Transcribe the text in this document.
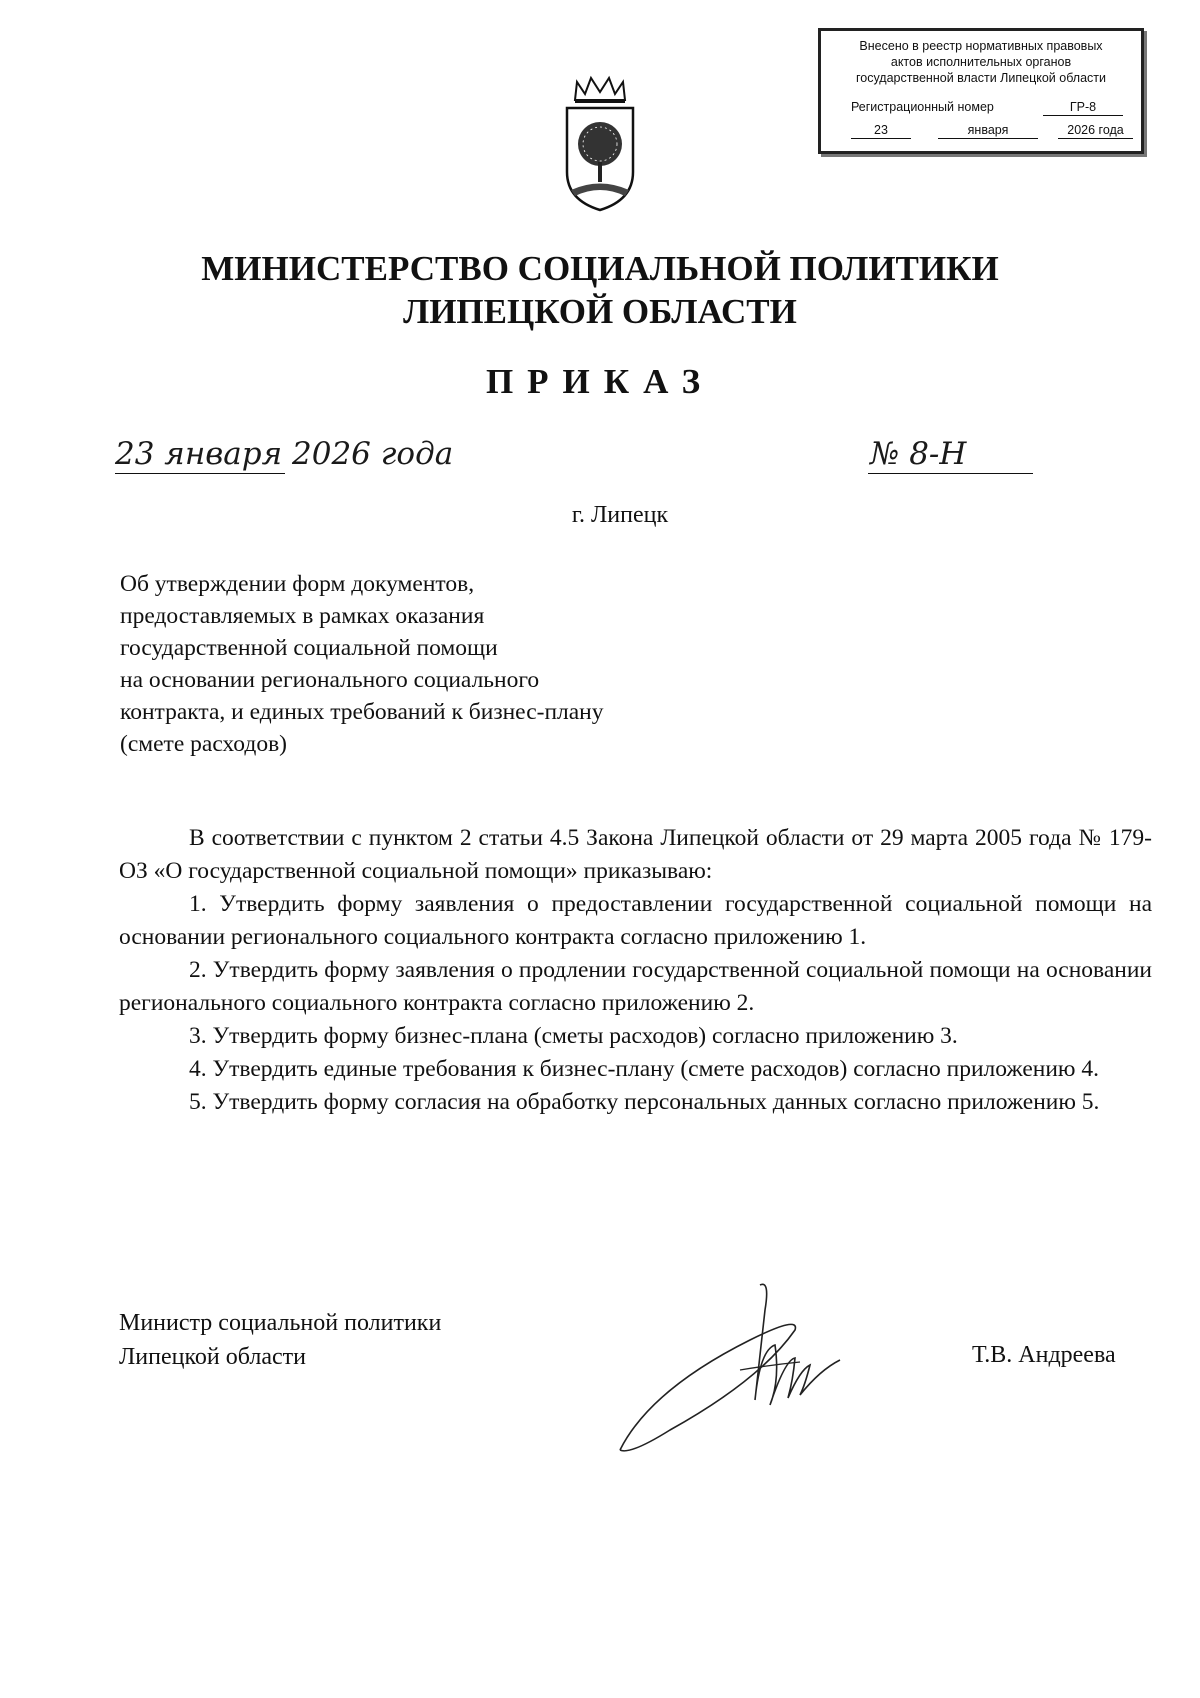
Внесено в реестр нормативных правовых
актов исполнительных органов
государственной власти Липецкой области
Регистрационный номер	ГР-8
23	января	2026 года
МИНИСТЕРСТВО СОЦИАЛЬНОЙ ПОЛИТИКИ
ЛИПЕЦКОЙ ОБЛАСТИ
ПРИКАЗ
23 января 2026 года	№ 8-Н
г. Липецк
Об утверждении форм документов,
предоставляемых в рамках оказания
государственной социальной помощи
на основании регионального социального
контракта, и единых требований к бизнес-плану
(смете расходов)

В соответствии с пунктом 2 статьи 4.5 Закона Липецкой области от 29 марта 2005 года № 179-ОЗ «О государственной социальной помощи» приказываю:

1. Утвердить форму заявления о предоставлении государственной социальной помощи на основании регионального социального контракта согласно приложению 1.

2. Утвердить форму заявления о продлении государственной социальной помощи на основании регионального социального контракта согласно приложению 2.

3. Утвердить форму бизнес-плана (сметы расходов) согласно приложению 3.

4. Утвердить единые требования к бизнес-плану (смете расходов) согласно приложению 4.

5. Утвердить форму согласия на обработку персональных данных согласно приложению 5.

Министр социальной политики
Липецкой области	Т.В. Андреева
